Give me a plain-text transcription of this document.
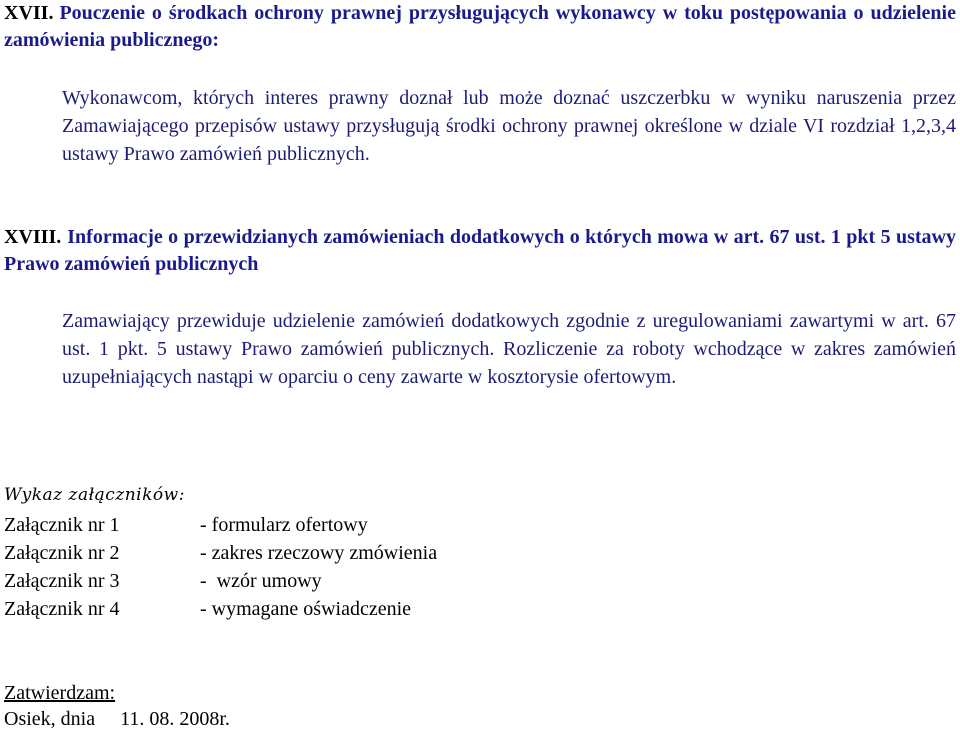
XVII. Pouczenie o środkach ochrony prawnej przysługujących wykonawcy w toku postępowania o udzielenie zamówienia publicznego:
Wykonawcom, których interes prawny doznał lub może doznać uszczerbku w wyniku naruszenia przez Zamawiającego przepisów ustawy przysługują środki ochrony prawnej określone w dziale VI rozdział 1,2,3,4 ustawy Prawo zamówień publicznych.
XVIII. Informacje o przewidzianych zamówieniach dodatkowych o których mowa w art. 67 ust. 1 pkt 5 ustawy Prawo zamówień publicznych
Zamawiający przewiduje udzielenie zamówień dodatkowych zgodnie z uregulowaniami zawartymi w art. 67 ust. 1 pkt. 5 ustawy Prawo zamówień publicznych. Rozliczenie za roboty wchodzące w zakres zamówień uzupełniających nastąpi w oparciu o ceny zawarte w kosztorysie ofertowym.
Wykaz załączników:
Załącznik nr 1	- formularz ofertowy
Załącznik nr 2	- zakres rzeczowy zmówienia
Załącznik nr 3	-  wzór umowy
Załącznik nr 4	- wymagane oświadczenie
Zatwierdzam:
Osiek, dnia     11. 08. 2008r.
